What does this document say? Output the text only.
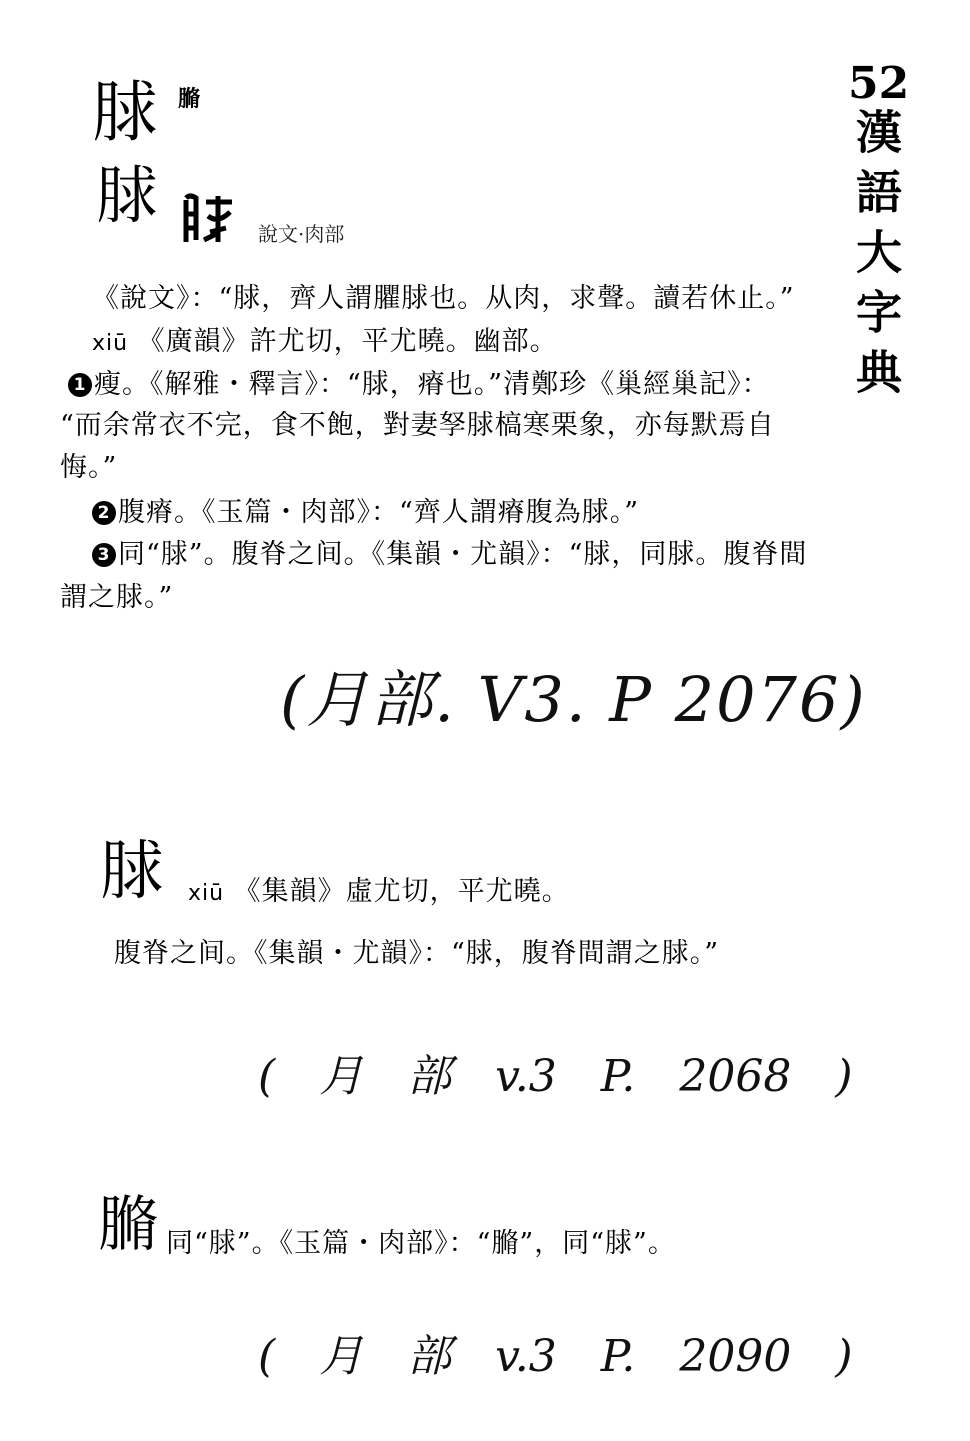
52
漢語大字典
脙 䐰
脙
說文·肉部
《說文》：“脙，齊人謂臞脙也。从肉，求聲。讀若休止。”
xiū 《廣韻》許尤切，平尤曉。幽部。
1 瘦。《解雅・釋言》：“脙，瘠也。”清鄭珍《巢經巢記》：
“而余常衣不完，食不飽，對妻孥脙槁寒栗象，亦每默焉自
悔。”
2 腹瘠。《玉篇・肉部》：“齊人謂瘠腹為脙。”
3 同“脙”。腹脊之间。《集韻・尤韻》：“脙，同脙。腹脊間
謂之脙。”
(月部. V3. P 2076)
脙 xiū 《集韻》虛尤切，平尤曉。
腹脊之间。《集韻・尤韻》：“脙，腹脊間謂之脙。”
( 月 部 v.3 P. 2068 )
䐰 同“脙”。《玉篇・肉部》：“䐰”，同“脙”。
( 月 部 v.3 P. 2090 )
